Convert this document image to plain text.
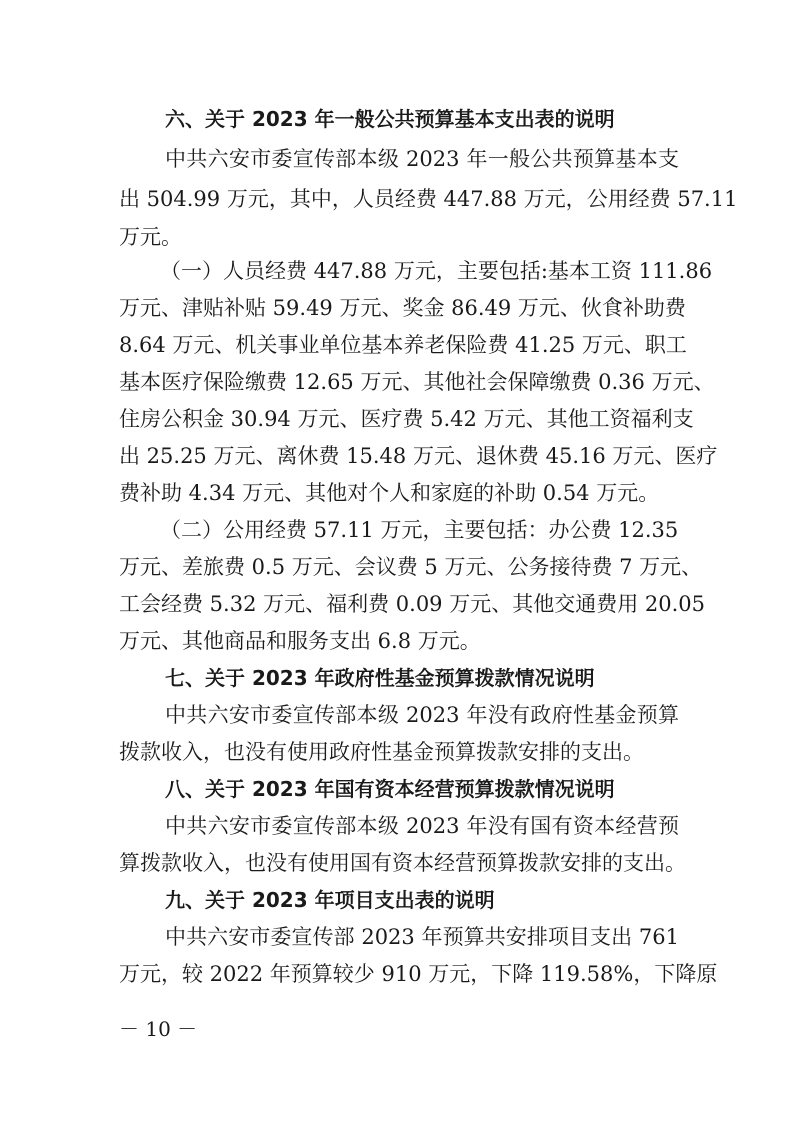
六、关于 2023 年一般公共预算基本支出表的说明
中共六安市委宣传部本级 2023 年一般公共预算基本支
出 504.99 万元，其中，人员经费 447.88 万元，公用经费 57.11
万元。
（一）人员经费 447.88 万元，主要包括:基本工资 111.86
万元、津贴补贴 59.49 万元、奖金 86.49 万元、伙食补助费
8.64 万元、机关事业单位基本养老保险费 41.25 万元、职工
基本医疗保险缴费 12.65 万元、其他社会保障缴费 0.36 万元、
住房公积金 30.94 万元、医疗费 5.42 万元、其他工资福利支
出 25.25 万元、离休费 15.48 万元、退休费 45.16 万元、医疗
费补助 4.34 万元、其他对个人和家庭的补助 0.54 万元。
（二）公用经费 57.11 万元，主要包括：办公费 12.35
万元、差旅费 0.5 万元、会议费 5 万元、公务接待费 7 万元、
工会经费 5.32 万元、福利费 0.09 万元、其他交通费用 20.05
万元、其他商品和服务支出 6.8 万元。
七、关于 2023 年政府性基金预算拨款情况说明
中共六安市委宣传部本级 2023 年没有政府性基金预算
拨款收入，也没有使用政府性基金预算拨款安排的支出。
八、关于 2023 年国有资本经营预算拨款情况说明
中共六安市委宣传部本级 2023 年没有国有资本经营预
算拨款收入，也没有使用国有资本经营预算拨款安排的支出。
九、关于 2023 年项目支出表的说明
中共六安市委宣传部 2023 年预算共安排项目支出 761
万元，较 2022 年预算较少 910 万元，下降 119.58%，下降原
－ 10 －
